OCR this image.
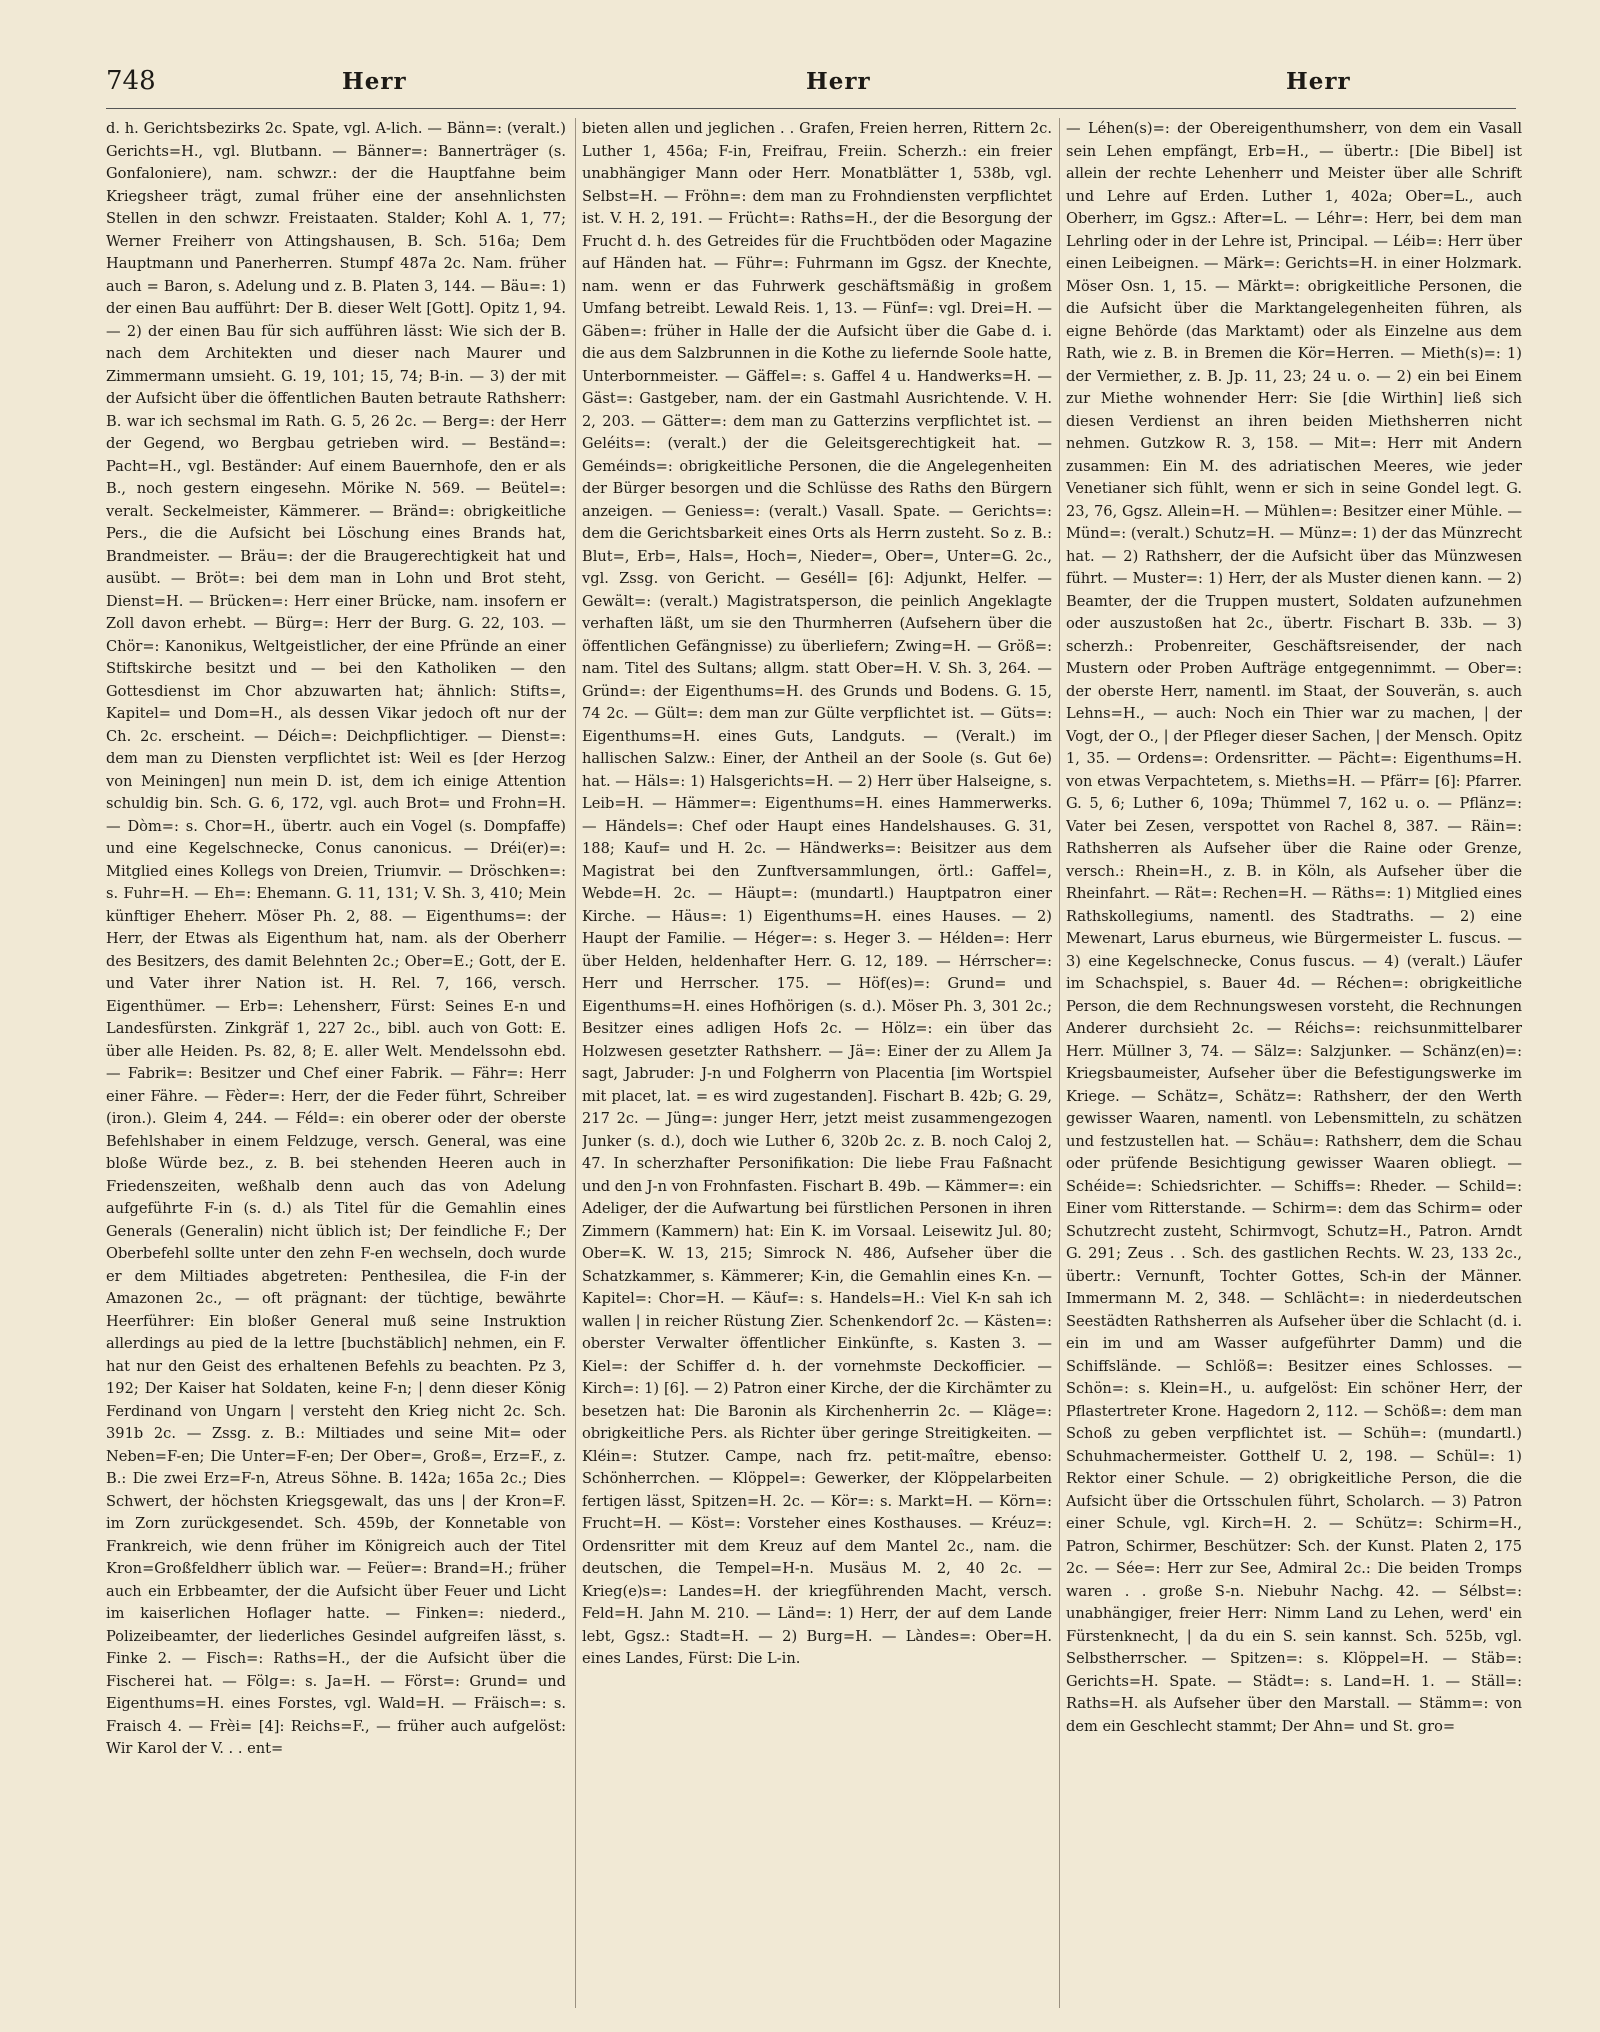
748	Herr	Herr	Herr

d. h. Gerichtsbezirks 2c. Spate, vgl. A-lich. — Bänn=: (veralt.) Gerichts=H., vgl. Blutbann. — Bänner=: Bannerträger (s. Gonfaloniere), nam. schwzr.: der die Hauptfahne beim Kriegsheer trägt, zumal früher eine der ansehnlichsten Stellen in den schwzr. Freistaaten. Stalder; Kohl A. 1, 77; Werner Freiherr von Attingshausen, B. Sch. 516a; Dem Hauptmann und Panerherren. Stumpf 487a 2c. Nam. früher auch = Baron, s. Adelung und z. B. Platen 3, 144. — Bäu=: 1) der einen Bau aufführt: Der B. dieser Welt [Gott]. Opitz 1, 94. — 2) der einen Bau für sich aufführen lässt: Wie sich der B. nach dem Architekten und dieser nach Maurer und Zimmermann umsieht. G. 19, 101; 15, 74; B-in. — 3) der mit der Aufsicht über die öffentlichen Bauten betraute Rathsherr: B. war ich sechsmal im Rath. G. 5, 26 2c. — Berg=: der Herr der Gegend, wo Bergbau getrieben wird. — Beständ=: Pacht=H., vgl. Beständer: Auf einem Bauernhofe, den er als B., noch gestern eingesehn. Mörike N. 569. — Beütel=: veralt. Seckelmeister, Kämmerer. — Bränd=: obrigkeitliche Pers., die die Aufsicht bei Löschung eines Brands hat, Brandmeister. — Bräu=: der die Braugerechtigkeit hat und ausübt. — Bröt=: bei dem man in Lohn und Brot steht, Dienst=H. — Brücken=: Herr einer Brücke, nam. insofern er Zoll davon erhebt. — Bürg=: Herr der Burg. G. 22, 103. — Chör=: Kanonikus, Weltgeistlicher, der eine Pfründe an einer Stiftskirche besitzt und — bei den Katholiken — den Gottesdienst im Chor abzuwarten hat; ähnlich: Stifts=, Kapitel= und Dom=H., als dessen Vikar jedoch oft nur der Ch. 2c. erscheint. — Déich=: Deichpflichtiger. — Dienst=: dem man zu Diensten verpflichtet ist: Weil es [der Herzog von Meiningen] nun mein D. ist, dem ich einige Attention schuldig bin. Sch. G. 6, 172, vgl. auch Brot= und Frohn=H. — Dòm=: s. Chor=H., übertr. auch ein Vogel (s. Dompfaffe) und eine Kegelschnecke, Conus canonicus. — Dréi(er)=: Mitglied eines Kollegs von Dreien, Triumvir. — Dröschken=: s. Fuhr=H. — Eh=: Ehemann. G. 11, 131; V. Sh. 3, 410; Mein künftiger Eheherr. Möser Ph. 2, 88. — Eigenthums=: der Herr, der Etwas als Eigenthum hat, nam. als der Oberherr des Besitzers, des damit Belehnten 2c.; Ober=E.; Gott, der E. und Vater ihrer Nation ist. H. Rel. 7, 166, versch. Eigenthümer. — Erb=: Lehensherr, Fürst: Seines E-n und Landesfürsten. Zinkgräf 1, 227 2c., bibl. auch von Gott: E. über alle Heiden. Ps. 82, 8; E. aller Welt. Mendelssohn ebd. — Fabrik=: Besitzer und Chef einer Fabrik. — Fähr=: Herr einer Fähre. — Fèder=: Herr, der die Feder führt, Schreiber (iron.). Gleim 4, 244. — Féld=: ein oberer oder der oberste Befehlshaber in einem Feldzuge, versch. General, was eine bloße Würde bez., z. B. bei stehenden Heeren auch in Friedenszeiten, weßhalb denn auch das von Adelung aufgeführte F-in (s. d.) als Titel für die Gemahlin eines Generals (Generalin) nicht üblich ist; Der feindliche F.; Der Oberbefehl sollte unter den zehn F-en wechseln, doch wurde er dem Miltiades abgetreten: Penthesilea, die F-in der Amazonen 2c., — oft prägnant: der tüchtige, bewährte Heerführer: Ein bloßer General muß seine Instruktion allerdings au pied de la lettre [buchstäblich] nehmen, ein F. hat nur den Geist des erhaltenen Befehls zu beachten. Pz 3, 192; Der Kaiser hat Soldaten, keine F-n; | denn dieser König Ferdinand von Ungarn | versteht den Krieg nicht 2c. Sch. 391b 2c. — Zssg. z. B.: Miltiades und seine Mit= oder Neben=F-en; Die Unter=F-en; Der Ober=, Groß=, Erz=F., z. B.: Die zwei Erz=F-n, Atreus Söhne. B. 142a; 165a 2c.; Dies Schwert, der höchsten Kriegsgewalt, das uns | der Kron=F. im Zorn zurückgesendet. Sch. 459b, der Konnetable von Frankreich, wie denn früher im Königreich auch der Titel Kron=Großfeldherr üblich war. — Feüer=: Brand=H.; früher auch ein Erbbeamter, der die Aufsicht über Feuer und Licht im kaiserlichen Hoflager hatte. — Finken=: niederd., Polizeibeamter, der liederliches Gesindel aufgreifen lässt, s. Finke 2. — Fisch=: Raths=H., der die Aufsicht über die Fischerei hat. — Fölg=: s. Ja=H. — Först=: Grund= und Eigenthums=H. eines Forstes, vgl. Wald=H. — Fräisch=: s. Fraisch 4. — Frèi= [4]: Reichs=F., — früher auch aufgelöst: Wir Karol der V. . . ent=

bieten allen und jeglichen . . Grafen, Freien herren, Rittern 2c. Luther 1, 456a; F-in, Freifrau, Freiin. Scherzh.: ein freier unabhängiger Mann oder Herr. Monatblätter 1, 538b, vgl. Selbst=H. — Fröhn=: dem man zu Frohndiensten verpflichtet ist. V. H. 2, 191. — Frücht=: Raths=H., der die Besorgung der Frucht d. h. des Getreides für die Fruchtböden oder Magazine auf Händen hat. — Führ=: Fuhrmann im Ggsz. der Knechte, nam. wenn er das Fuhrwerk geschäftsmäßig in großem Umfang betreibt. Lewald Reis. 1, 13. — Fünf=: vgl. Drei=H. — Gäben=: früher in Halle der die Aufsicht über die Gabe d. i. die aus dem Salzbrunnen in die Kothe zu liefernde Soole hatte, Unterbornmeister. — Gäffel=: s. Gaffel 4 u. Handwerks=H. — Gäst=: Gastgeber, nam. der ein Gastmahl Ausrichtende. V. H. 2, 203. — Gätter=: dem man zu Gatterzins verpflichtet ist. — Geléits=: (veralt.) der die Geleitsgerechtigkeit hat. — Geméinds=: obrigkeitliche Personen, die die Angelegenheiten der Bürger besorgen und die Schlüsse des Raths den Bürgern anzeigen. — Geniess=: (veralt.) Vasall. Spate. — Gerichts=: dem die Gerichtsbarkeit eines Orts als Herrn zusteht. So z. B.: Blut=, Erb=, Hals=, Hoch=, Nieder=, Ober=, Unter=G. 2c., vgl. Zssg. von Gericht. — Geséll= [6]: Adjunkt, Helfer. — Gewält=: (veralt.) Magistratsperson, die peinlich Angeklagte verhaften läßt, um sie den Thurmherren (Aufsehern über die öffentlichen Gefängnisse) zu überliefern; Zwing=H. — Größ=: nam. Titel des Sultans; allgm. statt Ober=H. V. Sh. 3, 264. — Gründ=: der Eigenthums=H. des Grunds und Bodens. G. 15, 74 2c. — Gült=: dem man zur Gülte verpflichtet ist. — Güts=: Eigenthums=H. eines Guts, Landguts. — (Veralt.) im hallischen Salzw.: Einer, der Antheil an der Soole (s. Gut 6e) hat. — Häls=: 1) Halsgerichts=H. — 2) Herr über Halseigne, s. Leib=H. — Hämmer=: Eigenthums=H. eines Hammerwerks. — Händels=: Chef oder Haupt eines Handelshauses. G. 31, 188; Kauf= und H. 2c. — Händwerks=: Beisitzer aus dem Magistrat bei den Zunftversammlungen, örtl.: Gaffel=, Webde=H. 2c. — Häupt=: (mundartl.) Hauptpatron einer Kirche. — Häus=: 1) Eigenthums=H. eines Hauses. — 2) Haupt der Familie. — Héger=: s. Heger 3. — Hélden=: Herr über Helden, heldenhafter Herr. G. 12, 189. — Hérrscher=: Herr und Herrscher. 175. — Höf(es)=: Grund= und Eigenthums=H. eines Hofhörigen (s. d.). Möser Ph. 3, 301 2c.; Besitzer eines adligen Hofs 2c. — Hölz=: ein über das Holzwesen gesetzter Rathsherr. — Jä=: Einer der zu Allem Ja sagt, Jabruder: J-n und Folgherrn von Placentia [im Wortspiel mit placet, lat. = es wird zugestanden]. Fischart B. 42b; G. 29, 217 2c. — Jüng=: junger Herr, jetzt meist zusammengezogen Junker (s. d.), doch wie Luther 6, 320b 2c. z. B. noch Caloj 2, 47. In scherzhafter Personifikation: Die liebe Frau Faßnacht und den J-n von Frohnfasten. Fischart B. 49b. — Kämmer=: ein Adeliger, der die Aufwartung bei fürstlichen Personen in ihren Zimmern (Kammern) hat: Ein K. im Vorsaal. Leisewitz Jul. 80; Ober=K. W. 13, 215; Simrock N. 486, Aufseher über die Schatzkammer, s. Kämmerer; K-in, die Gemahlin eines K-n. — Kapitel=: Chor=H. — Käuf=: s. Handels=H.: Viel K-n sah ich wallen | in reicher Rüstung Zier. Schenkendorf 2c. — Kästen=: oberster Verwalter öffentlicher Einkünfte, s. Kasten 3. — Kiel=: der Schiffer d. h. der vornehmste Deckofficier. — Kirch=: 1) [6]. — 2) Patron einer Kirche, der die Kirchämter zu besetzen hat: Die Baronin als Kirchenherrin 2c. — Kläge=: obrigkeitliche Pers. als Richter über geringe Streitigkeiten. — Kléin=: Stutzer. Campe, nach frz. petit-maître, ebenso: Schönherrchen. — Klöppel=: Gewerker, der Klöppelarbeiten fertigen lässt, Spitzen=H. 2c. — Kör=: s. Markt=H. — Körn=: Frucht=H. — Köst=: Vorsteher eines Kosthauses. — Kréuz=: Ordensritter mit dem Kreuz auf dem Mantel 2c., nam. die deutschen, die Tempel=H-n. Musäus M. 2, 40 2c. — Krieg(e)s=: Landes=H. der kriegführenden Macht, versch. Feld=H. Jahn M. 210. — Länd=: 1) Herr, der auf dem Lande lebt, Ggsz.: Stadt=H. — 2) Burg=H. — Làndes=: Ober=H. eines Landes, Fürst: Die L-in.

— Léhen(s)=: der Obereigenthumsherr, von dem ein Vasall sein Lehen empfängt, Erb=H., — übertr.: [Die Bibel] ist allein der rechte Lehenherr und Meister über alle Schrift und Lehre auf Erden. Luther 1, 402a; Ober=L., auch Oberherr, im Ggsz.: After=L. — Léhr=: Herr, bei dem man Lehrling oder in der Lehre ist, Principal. — Léib=: Herr über einen Leibeignen. — Märk=: Gerichts=H. in einer Holzmark. Möser Osn. 1, 15. — Märkt=: obrigkeitliche Personen, die die Aufsicht über die Marktangelegenheiten führen, als eigne Behörde (das Marktamt) oder als Einzelne aus dem Rath, wie z. B. in Bremen die Kör=Herren. — Mieth(s)=: 1) der Vermiether, z. B. Jp. 11, 23; 24 u. o. — 2) ein bei Einem zur Miethe wohnender Herr: Sie [die Wirthin] ließ sich diesen Verdienst an ihren beiden Miethsherren nicht nehmen. Gutzkow R. 3, 158. — Mit=: Herr mit Andern zusammen: Ein M. des adriatischen Meeres, wie jeder Venetianer sich fühlt, wenn er sich in seine Gondel legt. G. 23, 76, Ggsz. Allein=H. — Mühlen=: Besitzer einer Mühle. — Münd=: (veralt.) Schutz=H. — Münz=: 1) der das Münzrecht hat. — 2) Rathsherr, der die Aufsicht über das Münzwesen führt. — Muster=: 1) Herr, der als Muster dienen kann. — 2) Beamter, der die Truppen mustert, Soldaten aufzunehmen oder auszustoßen hat 2c., übertr. Fischart B. 33b. — 3) scherzh.: Probenreiter, Geschäftsreisender, der nach Mustern oder Proben Aufträge entgegennimmt. — Ober=: der oberste Herr, namentl. im Staat, der Souverän, s. auch Lehns=H., — auch: Noch ein Thier war zu machen, | der Vogt, der O., | der Pfleger dieser Sachen, | der Mensch. Opitz 1, 35. — Ordens=: Ordensritter. — Pächt=: Eigenthums=H. von etwas Verpachtetem, s. Mieths=H. — Pfärr= [6]: Pfarrer. G. 5, 6; Luther 6, 109a; Thümmel 7, 162 u. o. — Pflänz=: Vater bei Zesen, verspottet von Rachel 8, 387. — Räin=: Rathsherren als Aufseher über die Raine oder Grenze, versch.: Rhein=H., z. B. in Köln, als Aufseher über die Rheinfahrt. — Rät=: Rechen=H. — Räths=: 1) Mitglied eines Rathskollegiums, namentl. des Stadtraths. — 2) eine Mewenart, Larus eburneus, wie Bürgermeister L. fuscus. — 3) eine Kegelschnecke, Conus fuscus. — 4) (veralt.) Läufer im Schachspiel, s. Bauer 4d. — Réchen=: obrigkeitliche Person, die dem Rechnungswesen vorsteht, die Rechnungen Anderer durchsieht 2c. — Réichs=: reichsunmittelbarer Herr. Müllner 3, 74. — Sälz=: Salzjunker. — Schänz(en)=: Kriegsbaumeister, Aufseher über die Befestigungswerke im Kriege. — Schätz=, Schätz=: Rathsherr, der den Werth gewisser Waaren, namentl. von Lebensmitteln, zu schätzen und festzustellen hat. — Schäu=: Rathsherr, dem die Schau oder prüfende Besichtigung gewisser Waaren obliegt. — Schéide=: Schiedsrichter. — Schiffs=: Rheder. — Schild=: Einer vom Ritterstande. — Schirm=: dem das Schirm= oder Schutzrecht zusteht, Schirmvogt, Schutz=H., Patron. Arndt G. 291; Zeus . . Sch. des gastlichen Rechts. W. 23, 133 2c., übertr.: Vernunft, Tochter Gottes, Sch-in der Männer. Immermann M. 2, 348. — Schlächt=: in niederdeutschen Seestädten Rathsherren als Aufseher über die Schlacht (d. i. ein im und am Wasser aufgeführter Damm) und die Schiffslände. — Schlöß=: Besitzer eines Schlosses. — Schön=: s. Klein=H., u. aufgelöst: Ein schöner Herr, der Pflastertreter Krone. Hagedorn 2, 112. — Schöß=: dem man Schoß zu geben verpflichtet ist. — Schüh=: (mundartl.) Schuhmachermeister. Gotthelf U. 2, 198. — Schül=: 1) Rektor einer Schule. — 2) obrigkeitliche Person, die die Aufsicht über die Ortsschulen führt, Scholarch. — 3) Patron einer Schule, vgl. Kirch=H. 2. — Schütz=: Schirm=H., Patron, Schirmer, Beschützer: Sch. der Kunst. Platen 2, 175 2c. — Sée=: Herr zur See, Admiral 2c.: Die beiden Tromps waren . . große S-n. Niebuhr Nachg. 42. — Sélbst=: unabhängiger, freier Herr: Nimm Land zu Lehen, werd' ein Fürstenknecht, | da du ein S. sein kannst. Sch. 525b, vgl. Selbstherrscher. — Spitzen=: s. Klöppel=H. — Stäb=: Gerichts=H. Spate. — Städt=: s. Land=H. 1. — Ställ=: Raths=H. als Aufseher über den Marstall. — Stämm=: von dem ein Geschlecht stammt; Der Ahn= und St. gro=
